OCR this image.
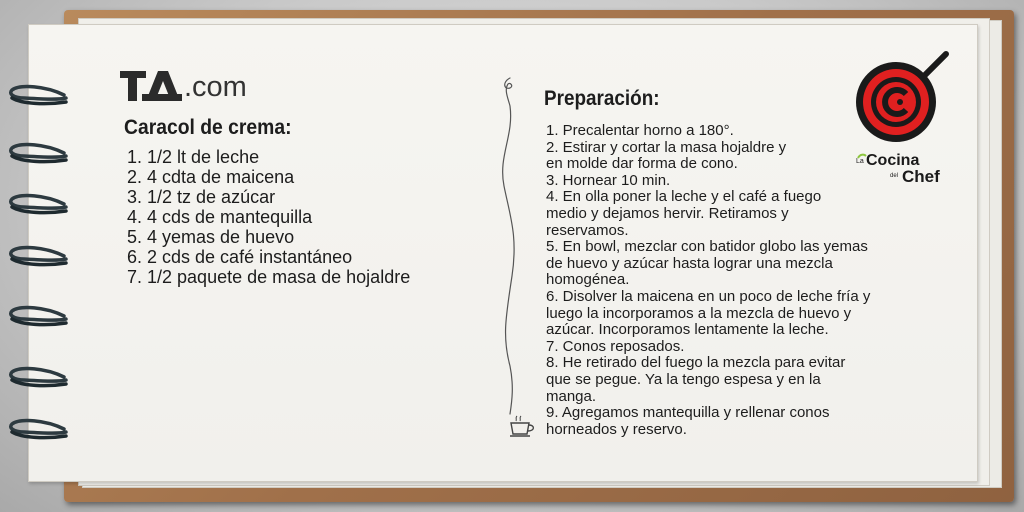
.com
Caracol de crema:
1. 1/2 lt de leche
2. 4 cdta de maicena
3. 1/2 tz de azúcar
4. 4 cds de mantequilla
5. 4 yemas de huevo
6. 2 cds de café instantáneo
7. 1/2 paquete de masa de hojaldre
Preparación:
1. Precalentar horno a 180°.
2. Estirar y cortar la masa hojaldre y
en molde dar forma de cono.
3. Hornear 10 min.
4. En olla poner la leche y el café a fuego
medio y dejamos hervir. Retiramos y
reservamos.
5. En bowl, mezclar con batidor globo las yemas
de huevo y azúcar hasta lograr una mezcla
homogénea.
6. Disolver la maicena en un poco de leche fría y
luego la incorporamos a la mezcla de huevo y
azúcar. Incorporamos lentamente la leche.
7. Conos reposados.
8. He retirado del fuego la mezcla para evitar
que se pegue. Ya la tengo espesa y en la
manga.
9. Agregamos mantequilla y rellenar conos
horneados y reservo.
La Cocina
del Chef
